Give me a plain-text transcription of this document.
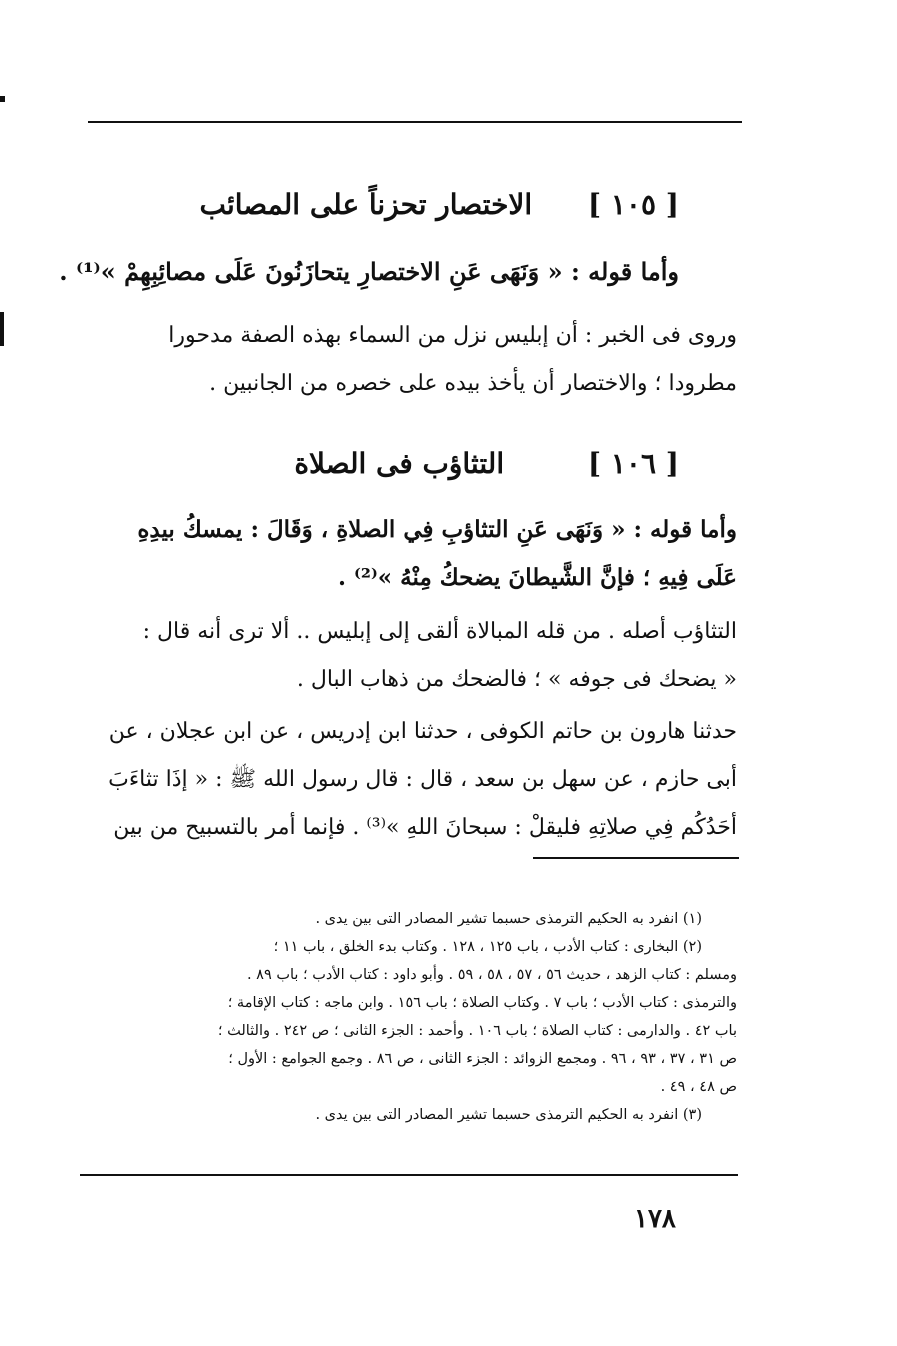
[ ١٠٥ ] الاختصار تحزناً على المصائب
وأما قوله : « وَنَهَى عَنِ الاختصارِ يتحازَنُونَ عَلَى مصائِبِهِمْ »⁽¹⁾ .
وروى فى الخبر : أن إبليس نزل من السماء بهذه الصفة مدحورا
مطرودا ؛ والاختصار أن يأخذ بيده على خصره من الجانبين .
[ ١٠٦ ] التثاؤب فى الصلاة
وأما قوله : « وَنَهَى عَنِ التثاؤبِ فِي الصلاةِ ، وَقَالَ : يمسكُ بيدِهِ
عَلَى فِيهِ ؛ فإنَّ الشَّيطانَ يضحكُ مِنْهُ »⁽²⁾ .
التثاؤب أصله . من قله المبالاة ألقى إلى إبليس .. ألا ترى أنه قال :
« يضحك فى جوفه » ؛ فالضحك من ذهاب البال .
حدثنا هارون بن حاتم الكوفى ، حدثنا ابن إدريس ، عن ابن عجلان ، عن
أبى حازم ، عن سهل بن سعد ، قال : قال رسول الله ﷺ : « إذَا تثاءَبَ
أحَدُكُم فِي صلاتِهِ فليقلْ : سبحانَ اللهِ »⁽³⁾ . فإنما أمر بالتسبيح من بين
(١) انفرد به الحكيم الترمذى حسبما تشير المصادر التى بين يدى .
(٢) البخارى : كتاب الأدب ، باب ١٢٥ ، ١٢٨ . وكتاب بدء الخلق ، باب ١١ ؛
ومسلم : كتاب الزهد ، حديث ٥٦ ، ٥٧ ، ٥٨ ، ٥٩ . وأبو داود : كتاب الأدب ؛ باب ٨٩ .
والترمذى : كتاب الأدب ؛ باب ٧ . وكتاب الصلاة ؛ باب ١٥٦ . وابن ماجه : كتاب الإقامة ؛
باب ٤٢ . والدارمى : كتاب الصلاة ؛ باب ١٠٦ . وأحمد : الجزء الثانى ؛ ص ٢٤٢ . والثالث ؛
ص ٣١ ، ٣٧ ، ٩٣ ، ٩٦ . ومجمع الزوائد : الجزء الثانى ، ص ٨٦ . وجمع الجوامع : الأول ؛
ص ٤٨ ، ٤٩ .
(٣) انفرد به الحكيم الترمذى حسبما تشير المصادر التى بين يدى .
١٧٨
